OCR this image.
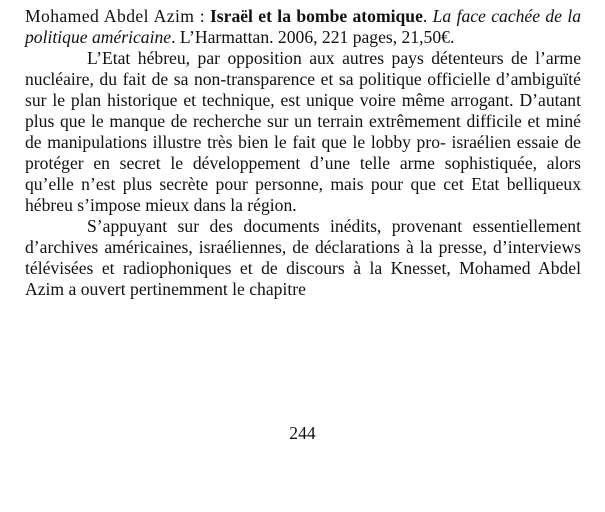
Mohamed Abdel Azim : Israël et la bombe atomique. La face cachée de la politique américaine. L’Harmattan. 2006, 221 pages, 21,50€.

L’Etat hébreu, par opposition aux autres pays détenteurs de l’arme nucléaire, du fait de sa non-transparence et sa politique officielle d’ambiguïté sur le plan historique et technique, est unique voire même arrogant. D’autant plus que le manque de recherche sur un terrain extrêmement difficile et miné de manipulations illustre très bien le fait que le lobby pro- israélien essaie de protéger en secret le développement d’une telle arme sophistiquée, alors qu’elle n’est plus secrète pour personne, mais pour que cet Etat belliqueux hébreu s’impose mieux dans la région.

S’appuyant sur des documents inédits, provenant essentiellement d’archives américaines, israéliennes, de déclarations à la presse, d’interviews télévisées et radiophoniques et de discours à la Knesset, Mohamed Abdel Azim a ouvert pertinemment le chapitre

244
